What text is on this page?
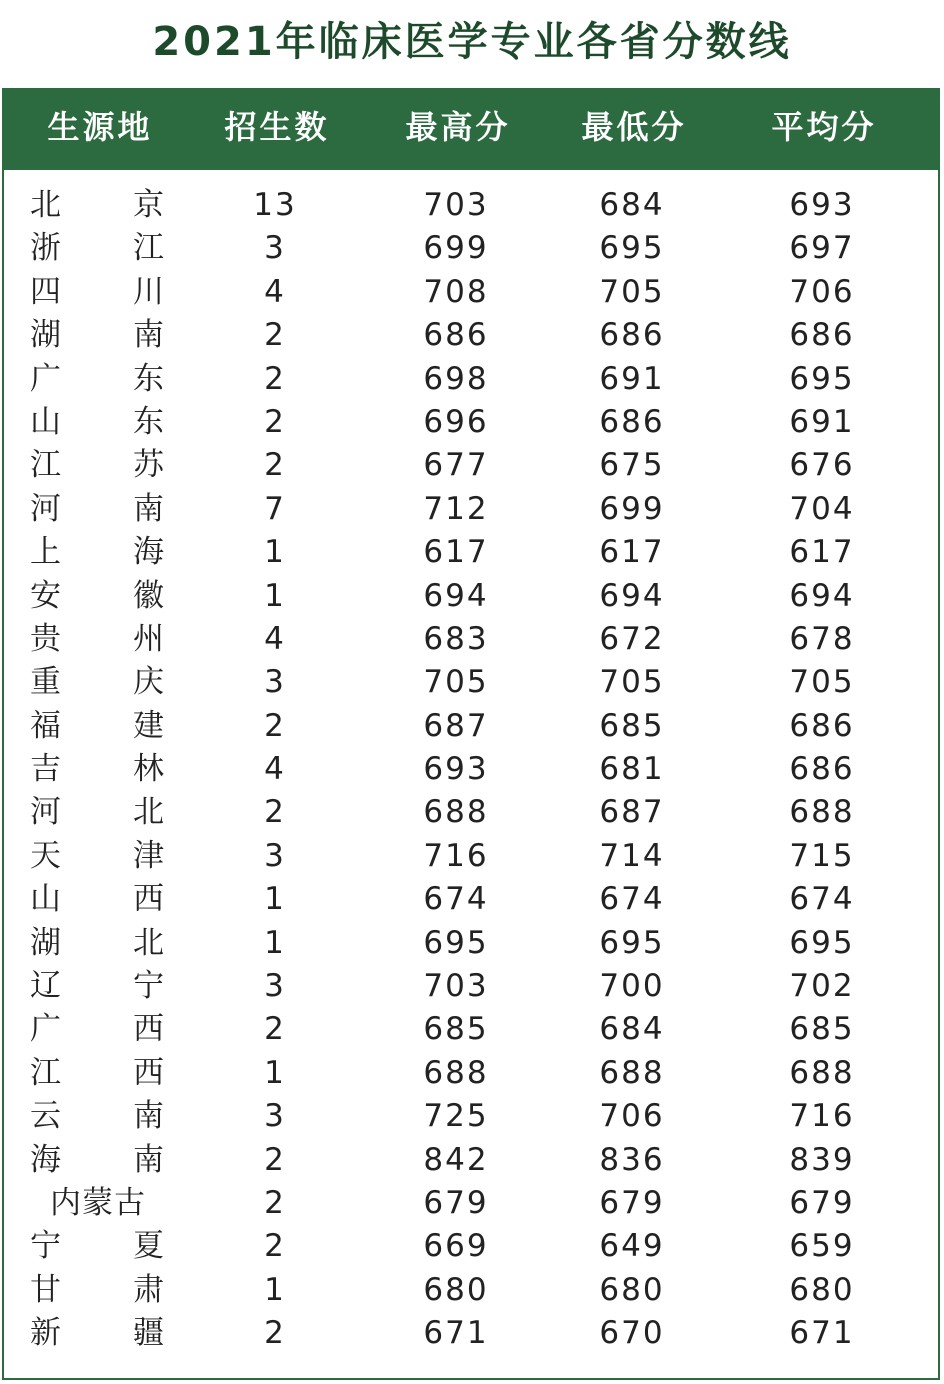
2021年临床医学专业各省分数线
生源地	招生数	最高分	最低分	平均分
北 京	13	703	684	693
浙 江	3	699	695	697
四 川	4	708	705	706
湖 南	2	686	686	686
广 东	2	698	691	695
山 东	2	696	686	691
江 苏	2	677	675	676
河 南	7	712	699	704
上 海	1	617	617	617
安 徽	1	694	694	694
贵 州	4	683	672	678
重 庆	3	705	705	705
福 建	2	687	685	686
吉 林	4	693	681	686
河 北	2	688	687	688
天 津	3	716	714	715
山 西	1	674	674	674
湖 北	1	695	695	695
辽 宁	3	703	700	702
广 西	2	685	684	685
江 西	1	688	688	688
云 南	3	725	706	716
海 南	2	842	836	839
内蒙古	2	679	679	679
宁 夏	2	669	649	659
甘 肃	1	680	680	680
新 疆	2	671	670	671
